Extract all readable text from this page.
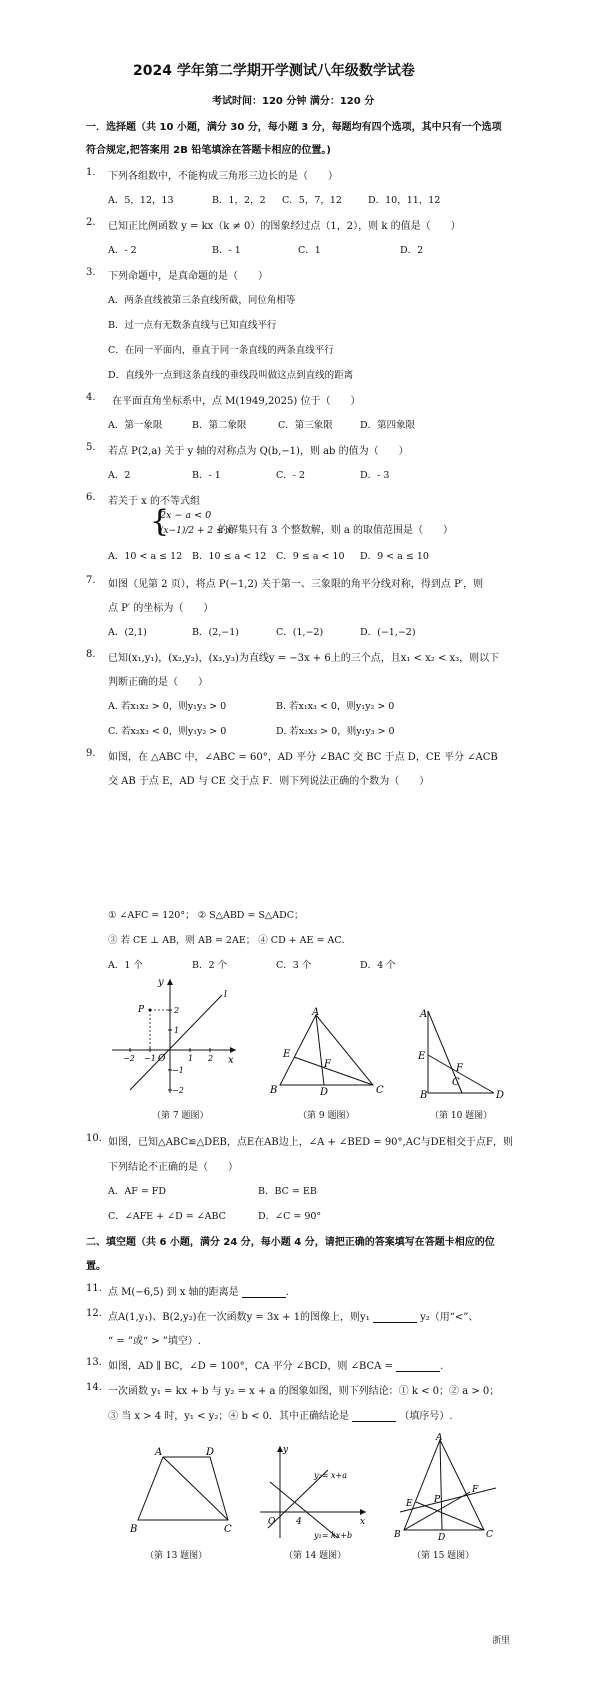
2024 学年第二学期开学测试八年级数学试卷
考试时间：120 分钟 满分：120 分
一．选择题（共 10 小题，满分 30 分，每小题 3 分，每题均有四个选项，其中只有一个选项
符合规定,把答案用 2B 铅笔填涂在答题卡相应的位置。)
1. 下列各组数中，不能构成三角形三边长的是（　　）
A．5，12，13	B．1，2，2 C．5，7，12	D．10，11，12
2. 已知正比例函数 y = kx（k ≠ 0）的图象经过点（1，2），则 k 的值是（　　）
A．- 2	B．- 1	C．1	D．2
3. 下列命题中，是真命题的是（　　）
A．两条直线被第三条直线所截，同位角相等
B．过一点有无数条直线与已知直线平行
C．在同一平面内，垂直于同一条直线的两条直线平行
D．直线外一点到这条直线的垂线段叫做这点到直线的距离
4. 在平面直角坐标系中，点 M(1949,2025) 位于（　　）
A．第一象限	B．第二象限	C．第三象限	D．第四象限
5. 若点 P(2,a) 关于 y 轴的对称点为 Q(b,−1)，则 ab 的值为（　　）
A．2	B．- 1	C．- 2	D．- 3
6. 若关于 x 的不等式组
{
2x − a < 0
(x−1)/2 + 2 ≤ x
的解集只有 3 个整数解，则 a 的取值范围是（　　）
A．10 < a ≤ 12 B．10 ≤ a < 12 C．9 ≤ a < 10 D．9 < a ≤ 10
7. 如图（见第 2 页），将点 P(−1,2) 关于第一、三象限的角平分线对称，得到点 P′，则
点 P′ 的坐标为（　　）
A．(2,1)	B．(2,−1)	C．(1,−2)	D．(−1,−2)
8. 已知(x₁,y₁)，(x₂,y₂)，(x₃,y₃)为直线y = −3x + 6上的三个点，且x₁ < x₂ < x₃，则以下
判断正确的是（　　）
A. 若x₁x₂ > 0，则y₁y₃ > 0	B. 若x₁x₃ < 0，则y₁y₂ > 0
C. 若x₂x₃ < 0，则y₁y₂ > 0	D. 若x₂x₃ > 0，则y₁y₃ > 0
9. 如图，在 △ABC 中，∠ABC = 60°，AD 平分 ∠BAC 交 BC 于点 D，CE 平分 ∠ACB
交 AB 于点 E，AD 与 CE 交于点 F．则下列说法正确的个数为（　　）
① ∠AFC = 120°； ② S△ABD = S△ADC；
③ 若 CE ⊥ AB，则 AB = 2AE； ④ CD + AE = AC．
A．1 个	B．2 个	C．3 个	D．4 个
y
x
O
P
l
2
1
−1
−2
1 2
−1
−2
（第 7 题图）
A
B	C
D
E
F
（第 9 题图）
A
B
C
D
E
F
（第 10 题图）
10. 如图，已知△ABC≌△DEB，点E在AB边上，∠A + ∠BED = 90°,AC与DE相交于点F，则
下列结论不正确的是（　　）
A．AF = FD	B．BC = EB
C．∠AFE + ∠D = ∠ABC	D．∠C = 90°
二、填空题（共 6 小题，满分 24 分，每小题 4 分，请把正确的答案填写在答题卡相应的位
置。
11. 点 M(−6,5) 到 x 轴的距离是	.
12. 点A(1,y₁)、B(2,y₂)在一次函数y = 3x + 1的图像上，则y₁	y₂（用“<”、
“ = ”或“ > ”填空）.
13. 如图，AD ∥ BC，∠D = 100°，CA 平分 ∠BCD，则 ∠BCA =	.
14. 一次函数 y₁ = kx + b 与 y₂ = x + a 的图象如图，则下列结论：① k < 0；② a > 0；
③ 当 x > 4 时，y₁ < y₂；④ b < 0．其中正确结论是	（填序号）.
A	D
B	C
（第 13 题图）
y
x
O 4
y₂= x+a
y₁= kx+b
（第 14 题图）
A
B	C
D
E
F
P
（第 15 题图）
浙里
